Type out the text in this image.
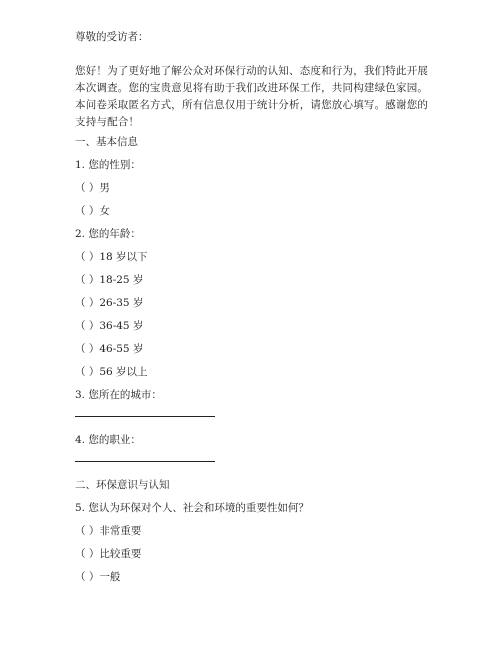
尊敬的受访者：
您好！为了更好地了解公众对环保行动的认知、态度和行为，我们特此开展本次调查。您的宝贵意见将有助于我们改进环保工作，共同构建绿色家园。本问卷采取匿名方式，所有信息仅用于统计分析，请您放心填写。感谢您的支持与配合！
一、基本信息
1. 您的性别：
（ ）男
（ ）女
2. 您的年龄：
（ ）18 岁以下
（ ）18-25 岁
（ ）26-35 岁
（ ）36-45 岁
（ ）46-55 岁
（ ）56 岁以上
3. 您所在的城市：
4. 您的职业：
二、环保意识与认知
5. 您认为环保对个人、社会和环境的重要性如何？
（ ）非常重要
（ ）比较重要
（ ）一般
